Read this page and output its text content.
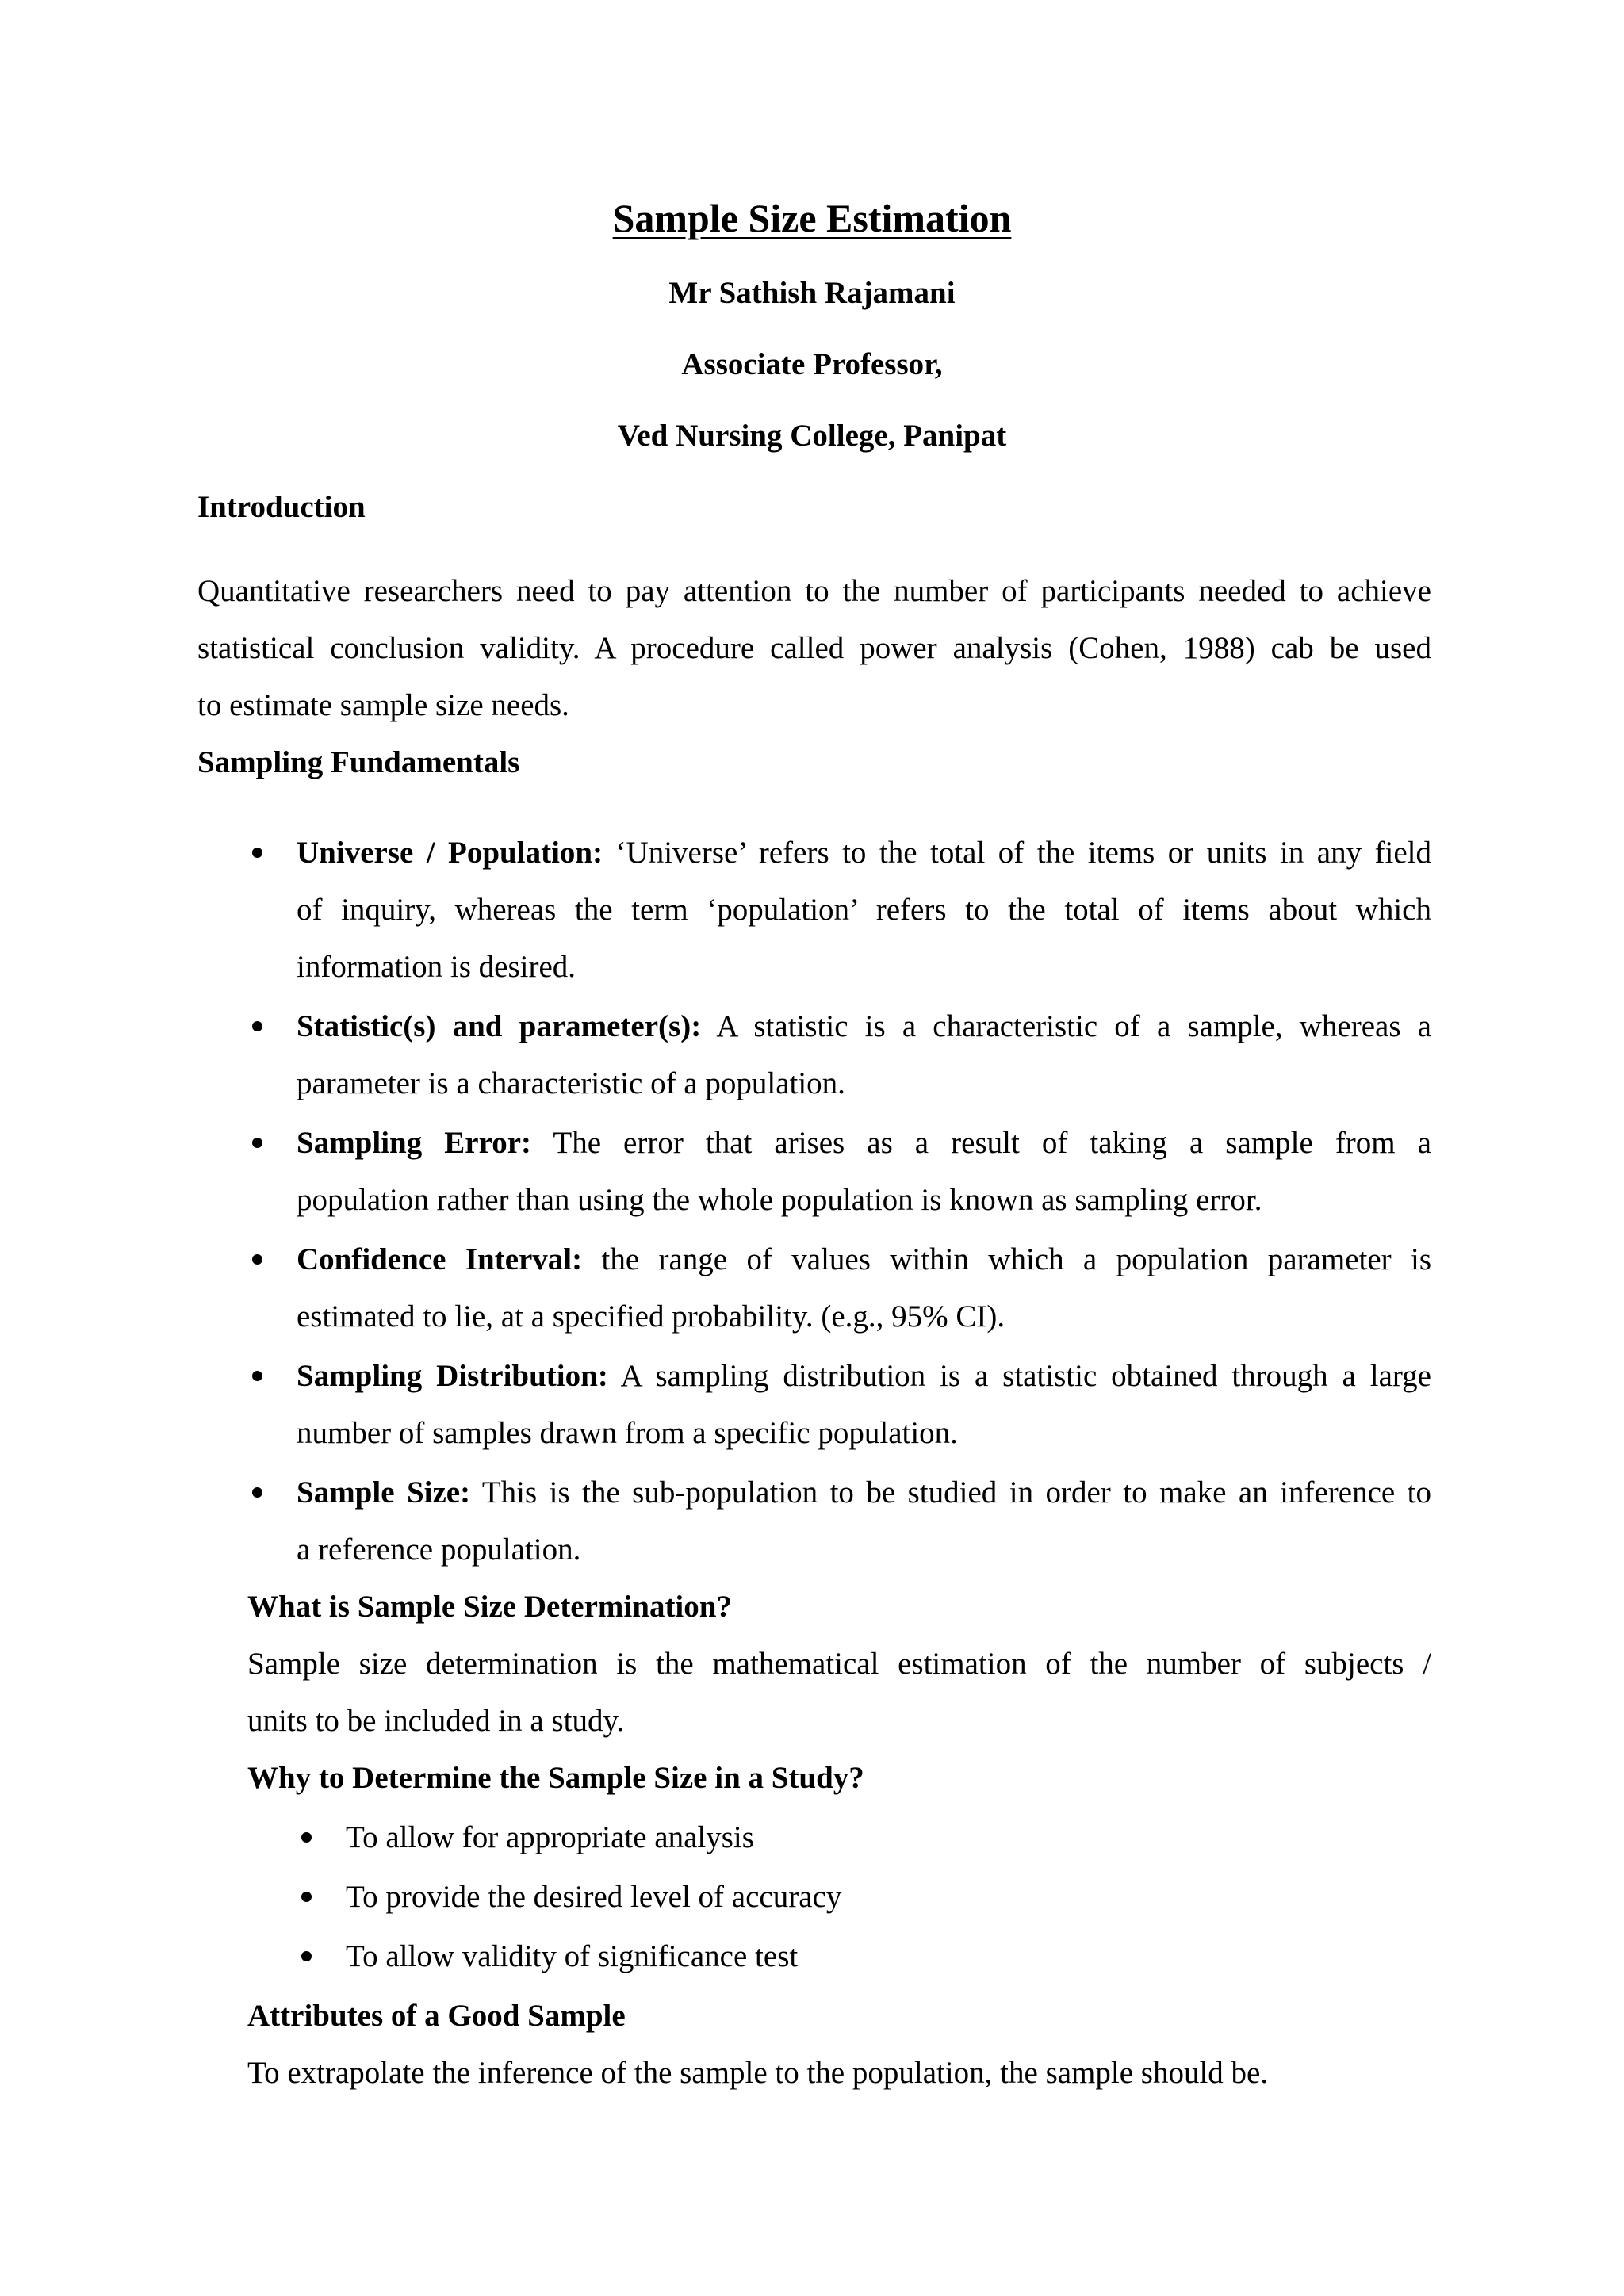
Sample Size Estimation
Mr Sathish Rajamani
Associate Professor,
Ved Nursing College, Panipat
Introduction
Quantitative researchers need to pay attention to the number of participants needed to achieve
statistical conclusion validity. A procedure called power analysis (Cohen, 1988) cab be used
to estimate sample size needs.
Sampling Fundamentals
Universe / Population: ‘Universe’ refers to the total of the items or units in any field
of inquiry, whereas the term ‘population’ refers to the total of items about which
information is desired.
Statistic(s) and parameter(s): A statistic is a characteristic of a sample, whereas a
parameter is a characteristic of a population.
Sampling Error: The error that arises as a result of taking a sample from a
population rather than using the whole population is known as sampling error.
Confidence Interval: the range of values within which a population parameter is
estimated to lie, at a specified probability. (e.g., 95% CI).
Sampling Distribution: A sampling distribution is a statistic obtained through a large
number of samples drawn from a specific population.
Sample Size: This is the sub-population to be studied in order to make an inference to
a reference population.
What is Sample Size Determination?
Sample size determination is the mathematical estimation of the number of subjects /
units to be included in a study.
Why to Determine the Sample Size in a Study?
To allow for appropriate analysis
To provide the desired level of accuracy
To allow validity of significance test
Attributes of a Good Sample
To extrapolate the inference of the sample to the population, the sample should be.
